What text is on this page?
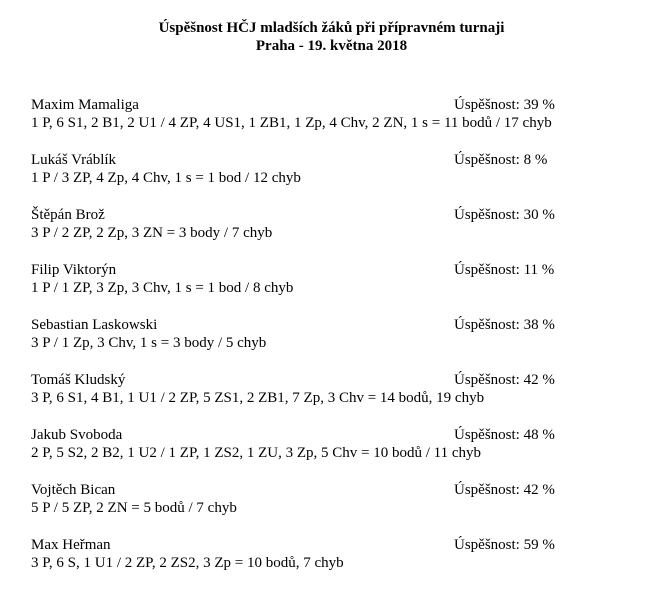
Úspěšnost HČJ mladších žáků při přípravném turnaji
Praha - 19. května 2018
Maxim Mamaliga	Úspěšnost: 39 %
1 P, 6 S1, 2 B1, 2 U1 / 4 ZP, 4 US1, 1 ZB1, 1 Zp, 4 Chv, 2 ZN, 1 s = 11 bodů / 17 chyb
Lukáš Vráblík	Úspěšnost: 8 %
1 P / 3 ZP, 4 Zp, 4 Chv, 1 s = 1 bod / 12 chyb
Štěpán Brož	Úspěšnost: 30 %
3 P / 2 ZP, 2 Zp, 3 ZN = 3 body / 7 chyb
Filip Viktorýn	Úspěšnost: 11 %
1 P / 1 ZP, 3 Zp, 3 Chv, 1 s = 1 bod / 8 chyb
Sebastian Laskowski	Úspěšnost: 38 %
3 P / 1 Zp, 3 Chv, 1 s = 3 body / 5 chyb
Tomáš Kludský	Úspěšnost: 42 %
3 P, 6 S1, 4 B1, 1 U1 / 2 ZP, 5 ZS1, 2 ZB1, 7 Zp, 3 Chv = 14 bodů, 19 chyb
Jakub Svoboda	Úspěšnost: 48 %
2 P, 5 S2, 2 B2, 1 U2 / 1 ZP, 1 ZS2, 1 ZU, 3 Zp, 5 Chv = 10 bodů / 11 chyb
Vojtěch Bican	Úspěšnost: 42 %
5 P / 5 ZP, 2 ZN = 5 bodů / 7 chyb
Max Heřman	Úspěšnost: 59 %
3 P, 6 S, 1 U1 / 2 ZP, 2 ZS2, 3 Zp = 10 bodů, 7 chyb
